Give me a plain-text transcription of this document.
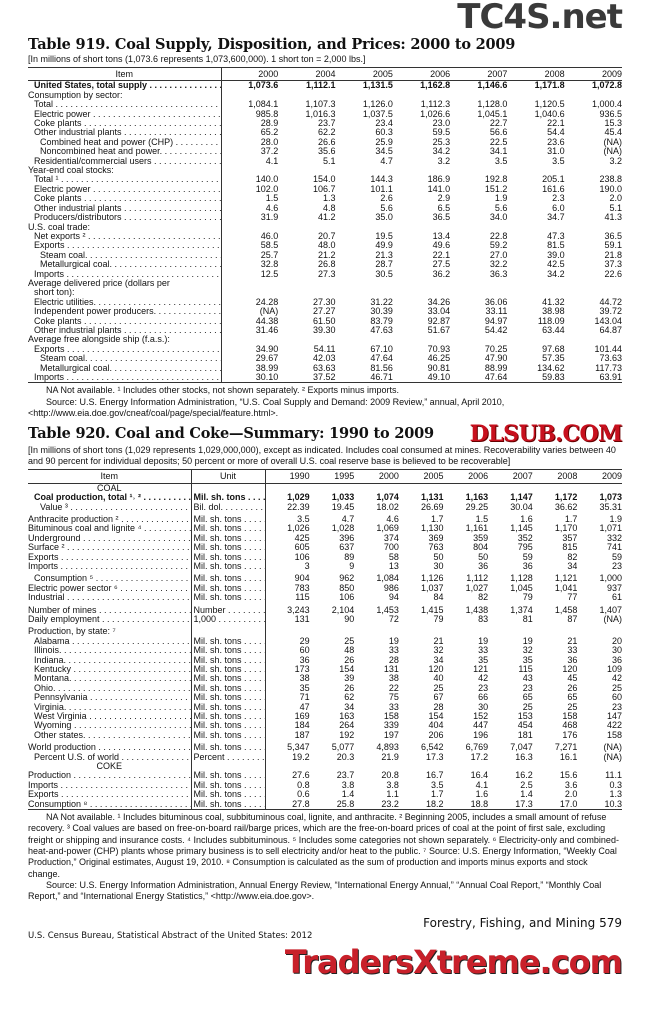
TC4S.net
Table 919. Coal Supply, Disposition, and Prices: 2000 to 2009
[In millions of short tons (1,073.6 represents 1,073,600,000). 1 short ton = 2,000 lbs.]
Item	2000	2004	2005	2006	2007	2008	2009

United States, total supply . . .	1,073.6	1,112.1	1,131.5	1,162.8	1,146.6	1,171.8	1,072.8

Consumption by sector:							

Total . . .	1,084.1	1,107.3	1,126.0	1,112.3	1,128.0	1,120.5	1,000.4

Electric power . . .	985.8	1,016.3	1,037.5	1,026.6	1,045.1	1,040.6	936.5

Coke plants . . .	28.9	23.7	23.4	23.0	22.7	22.1	15.3

Other industrial plants . . .	65.2	62.2	60.3	59.5	56.6	54.4	45.4

Combined heat and power (CHP) . . .	28.0	26.6	25.9	25.3	22.5	23.6	(NA)

Noncombined heat and power. . . .	37.2	35.6	34.5	34.2	34.1	31.0	(NA)

Residential/commercial users . . .	4.1	5.1	4.7	3.2	3.5	3.5	3.2

Year-end coal stocks:							

Total ¹ . . .	140.0	154.0	144.3	186.9	192.8	205.1	238.8

Electric power . . .	102.0	106.7	101.1	141.0	151.2	161.6	190.0

Coke plants . . .	1.5	1.3	2.6	2.9	1.9	2.3	2.0

Other industrial plants . . .	4.6	4.8	5.6	6.5	5.6	6.0	5.1

Producers/distributors . . .	31.9	41.2	35.0	36.5	34.0	34.7	41.3

U.S. coal trade:							

Net exports ² . . .	46.0	20.7	19.5	13.4	22.8	47.3	36.5

Exports . . .	58.5	48.0	49.9	49.6	59.2	81.5	59.1

Steam coal. . . .	25.7	21.2	21.3	22.1	27.0	39.0	21.8

Metallurgical coal. . . .	32.8	26.8	28.7	27.5	32.2	42.5	37.3

Imports . . .	12.5	27.3	30.5	36.2	36.3	34.2	22.6

Average delivered price (dollars per							

short ton):							

Electric utilities. . . .	24.28	27.30	31.22	34.26	36.06	41.32	44.72

Independent power producers. . . .	(NA)	27.27	30.39	33.04	33.11	38.98	39.72

Coke plants . . .	44.38	61.50	83.79	92.87	94.97	118.09	143.04

Other industrial plants . . .	31.46	39.30	47.63	51.67	54.42	63.44	64.87

Average free alongside ship (f.a.s.):							

Exports . . .	34.90	54.11	67.10	70.93	70.25	97.68	101.44

Steam coal. . . .	29.67	42.03	47.64	46.25	47.90	57.35	73.63

Metallurgical coal. . . .	38.99	63.63	81.56	90.81	88.99	134.62	117.73

Imports . . .	30.10	37.52	46.71	49.10	47.64	59.83	63.91

NA Not available. ¹ Includes other stocks, not shown separately. ² Exports minus imports.

Source: U.S. Energy Information Administration, “U.S. Coal Supply and Demand: 2009 Review,” annual, April 2010, <http://www.eia.doe.gov/cneaf/coal/page/special/feature.html>.

Table 920. Coal and Coke—Summary: 1990 to 2009 DLSUB.COM
[In millions of short tons (1,029 represents 1,029,000,000), except as indicated. Includes coal consumed at mines. Recoverability varies between 40 and 90 percent for individual deposits; 50 percent or more of overall U.S. coal reserve base is believed to be recoverable]
Item	Unit	1990	1995	2000	2005	2006	2007	2008	2009

COAL									

Coal production, total ¹˒ ² . . .	Mil. sh. tons . . .	1,029	1,033	1,074	1,131	1,163	1,147	1,172	1,073

Value ³ . . .	Bil. dol. . . .	22.39	19.45	18.02	26.69	29.25	30.04	36.62	35.31

Anthracite production ² . . .	Mil. sh. tons . . .	3.5	4.7	4.6	1.7	1.5	1.6	1.7	1.9

Bituminous coal and lignite ⁴ . . .	Mil. sh. tons . . .	1,026	1,028	1,069	1,130	1,161	1,145	1,170	1,071

Underground . . .	Mil. sh. tons . . .	425	396	374	369	359	352	357	332

Surface ² . . .	Mil. sh. tons . . .	605	637	700	763	804	795	815	741

Exports . . .	Mil. sh. tons . . .	106	89	58	50	50	59	82	59

Imports . . .	Mil. sh. tons . . .	3	9	13	30	36	36	34	23

Consumption ⁵ . . .	Mil. sh. tons . . .	904	962	1,084	1,126	1,112	1,128	1,121	1,000

Electric power sector ⁶ . . .	Mil. sh. tons . . .	783	850	986	1,037	1,027	1,045	1,041	937

Industrial . . .	Mil. sh. tons . . .	115	106	94	84	82	79	77	61

Number of mines . . .	Number . . .	3,243	2,104	1,453	1,415	1,438	1,374	1,458	1,407

Daily employment . . .	1,000 . . .	131	90	72	79	83	81	87	(NA)

Production, by state: ⁷									

Alabama . . .	Mil. sh. tons . . .	29	25	19	21	19	19	21	20

Illinois. . . .	Mil. sh. tons . . .	60	48	33	32	33	32	33	30

Indiana. . . .	Mil. sh. tons . . .	36	26	28	34	35	35	36	36

Kentucky . . .	Mil. sh. tons . . .	173	154	131	120	121	115	120	109

Montana. . . .	Mil. sh. tons . . .	38	39	38	40	42	43	45	42

Ohio. . . .	Mil. sh. tons . . .	35	26	22	25	23	23	26	25

Pennsylvania . . .	Mil. sh. tons . . .	71	62	75	67	66	65	65	60

Virginia. . . .	Mil. sh. tons . . .	47	34	33	28	30	25	25	23

West Virginia . . .	Mil. sh. tons . . .	169	163	158	154	152	153	158	147

Wyoming . . .	Mil. sh. tons . . .	184	264	339	404	447	454	468	422

Other states. . . .	Mil. sh. tons . . .	187	192	197	206	196	181	176	158

World production . . .	Mil. sh. tons . . .	5,347	5,077	4,893	6,542	6,769	7,047	7,271	(NA)

Percent U.S. of world . . .	Percent . . .	19.2	20.3	21.9	17.3	17.2	16.3	16.1	(NA)

COKE									

Production . . .	Mil. sh. tons . . .	27.6	23.7	20.8	16.7	16.4	16.2	15.6	11.1

Imports . . .	Mil. sh. tons . . .	0.8	3.8	3.8	3.5	4.1	2.5	3.6	0.3

Exports . . .	Mil. sh. tons . . .	0.6	1.4	1.1	1.7	1.6	1.4	2.0	1.3

Consumption ⁸ . . .	Mil. sh. tons . . .	27.8	25.8	23.2	18.2	18.8	17.3	17.0	10.3

NA Not available. ¹ Includes bituminous coal, subbituminous coal, lignite, and anthracite. ² Beginning 2005, includes a small amount of refuse recovery. ³ Coal values are based on free-on-board rail/barge prices, which are the free-on-board prices of coal at the point of first sale, excluding freight or shipping and insurance costs. ⁴ Includes subbituminous. ⁵ Includes some categories not shown separately. ⁶ Electricity-only and combined-heat-and-power (CHP) plants whose primary business is to sell electricity and/or heat to the public. ⁷ Source: U.S. Energy Information, “Weekly Coal Production,” Original estimates, August 19, 2010. ⁸ Consumption is calculated as the sum of production and imports minus exports and stock change.

Source: U.S. Energy Information Administration, Annual Energy Review, “International Energy Annual,” “Annual Coal Report,” “Monthly Coal Report,” and “International Energy Statistics,” <http://www.eia.doe.gov>.

Forestry, Fishing, and Mining 579
U.S. Census Bureau, Statistical Abstract of the United States: 2012
TradersXtreme.com
